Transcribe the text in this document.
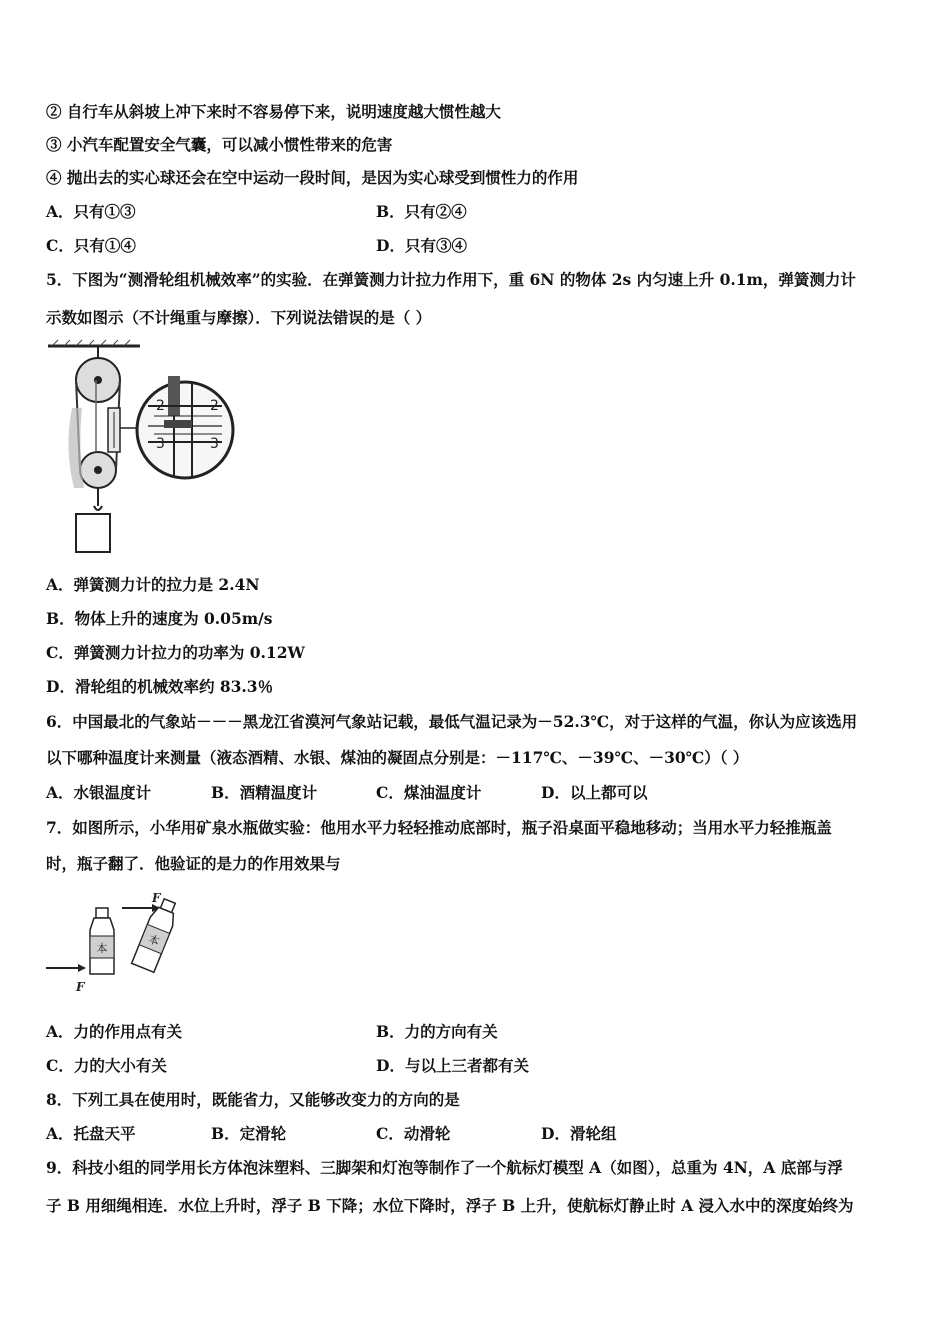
② 自行车从斜坡上冲下来时不容易停下来，说明速度越大惯性越大
③ 小汽车配置安全气囊，可以减小惯性带来的危害
④ 抛出去的实心球还会在空中运动一段时间，是因为实心球受到惯性力的作用
A．只有①③	B．只有②④
C．只有①④	D．只有③④
5．下图为“测滑轮组机械效率”的实验．在弹簧测力计拉力作用下，重 6N 的物体 2s 内匀速上升 0.1m，弹簧测力计
示数如图示（不计绳重与摩擦）．下列说法错误的是（ ）
2	2
3	3
A．弹簧测力计的拉力是 2.4N
B．物体上升的速度为 0.05m/s
C．弹簧测力计拉力的功率为 0.12W
D．滑轮组的机械效率约 83.3％
6．中国最北的气象站－－－黑龙江省漠河气象站记载，最低气温记录为－52.3℃，对于这样的气温，你认为应该选用
以下哪种温度计来测量（液态酒精、水银、煤油的凝固点分别是：－117℃、－39℃、－30℃）（ ）
A．水银温度计	B．酒精温度计	C．煤油温度计	D．以上都可以
7．如图所示，小华用矿泉水瓶做实验：他用水平力轻轻推动底部时，瓶子沿桌面平稳地移动；当用水平力轻推瓶盖
时，瓶子翻了．他验证的是力的作用效果与
F
本
F
本
A．力的作用点有关	B．力的方向有关
C．力的大小有关	D．与以上三者都有关
8．下列工具在使用时，既能省力，又能够改变力的方向的是
A．托盘天平	B．定滑轮	C．动滑轮	D．滑轮组
9．科技小组的同学用长方体泡沫塑料、三脚架和灯泡等制作了一个航标灯模型 A（如图），总重为 4N，A 底部与浮
子 B 用细绳相连．水位上升时，浮子 B 下降；水位下降时，浮子 B 上升，使航标灯静止时 A 浸入水中的深度始终为
